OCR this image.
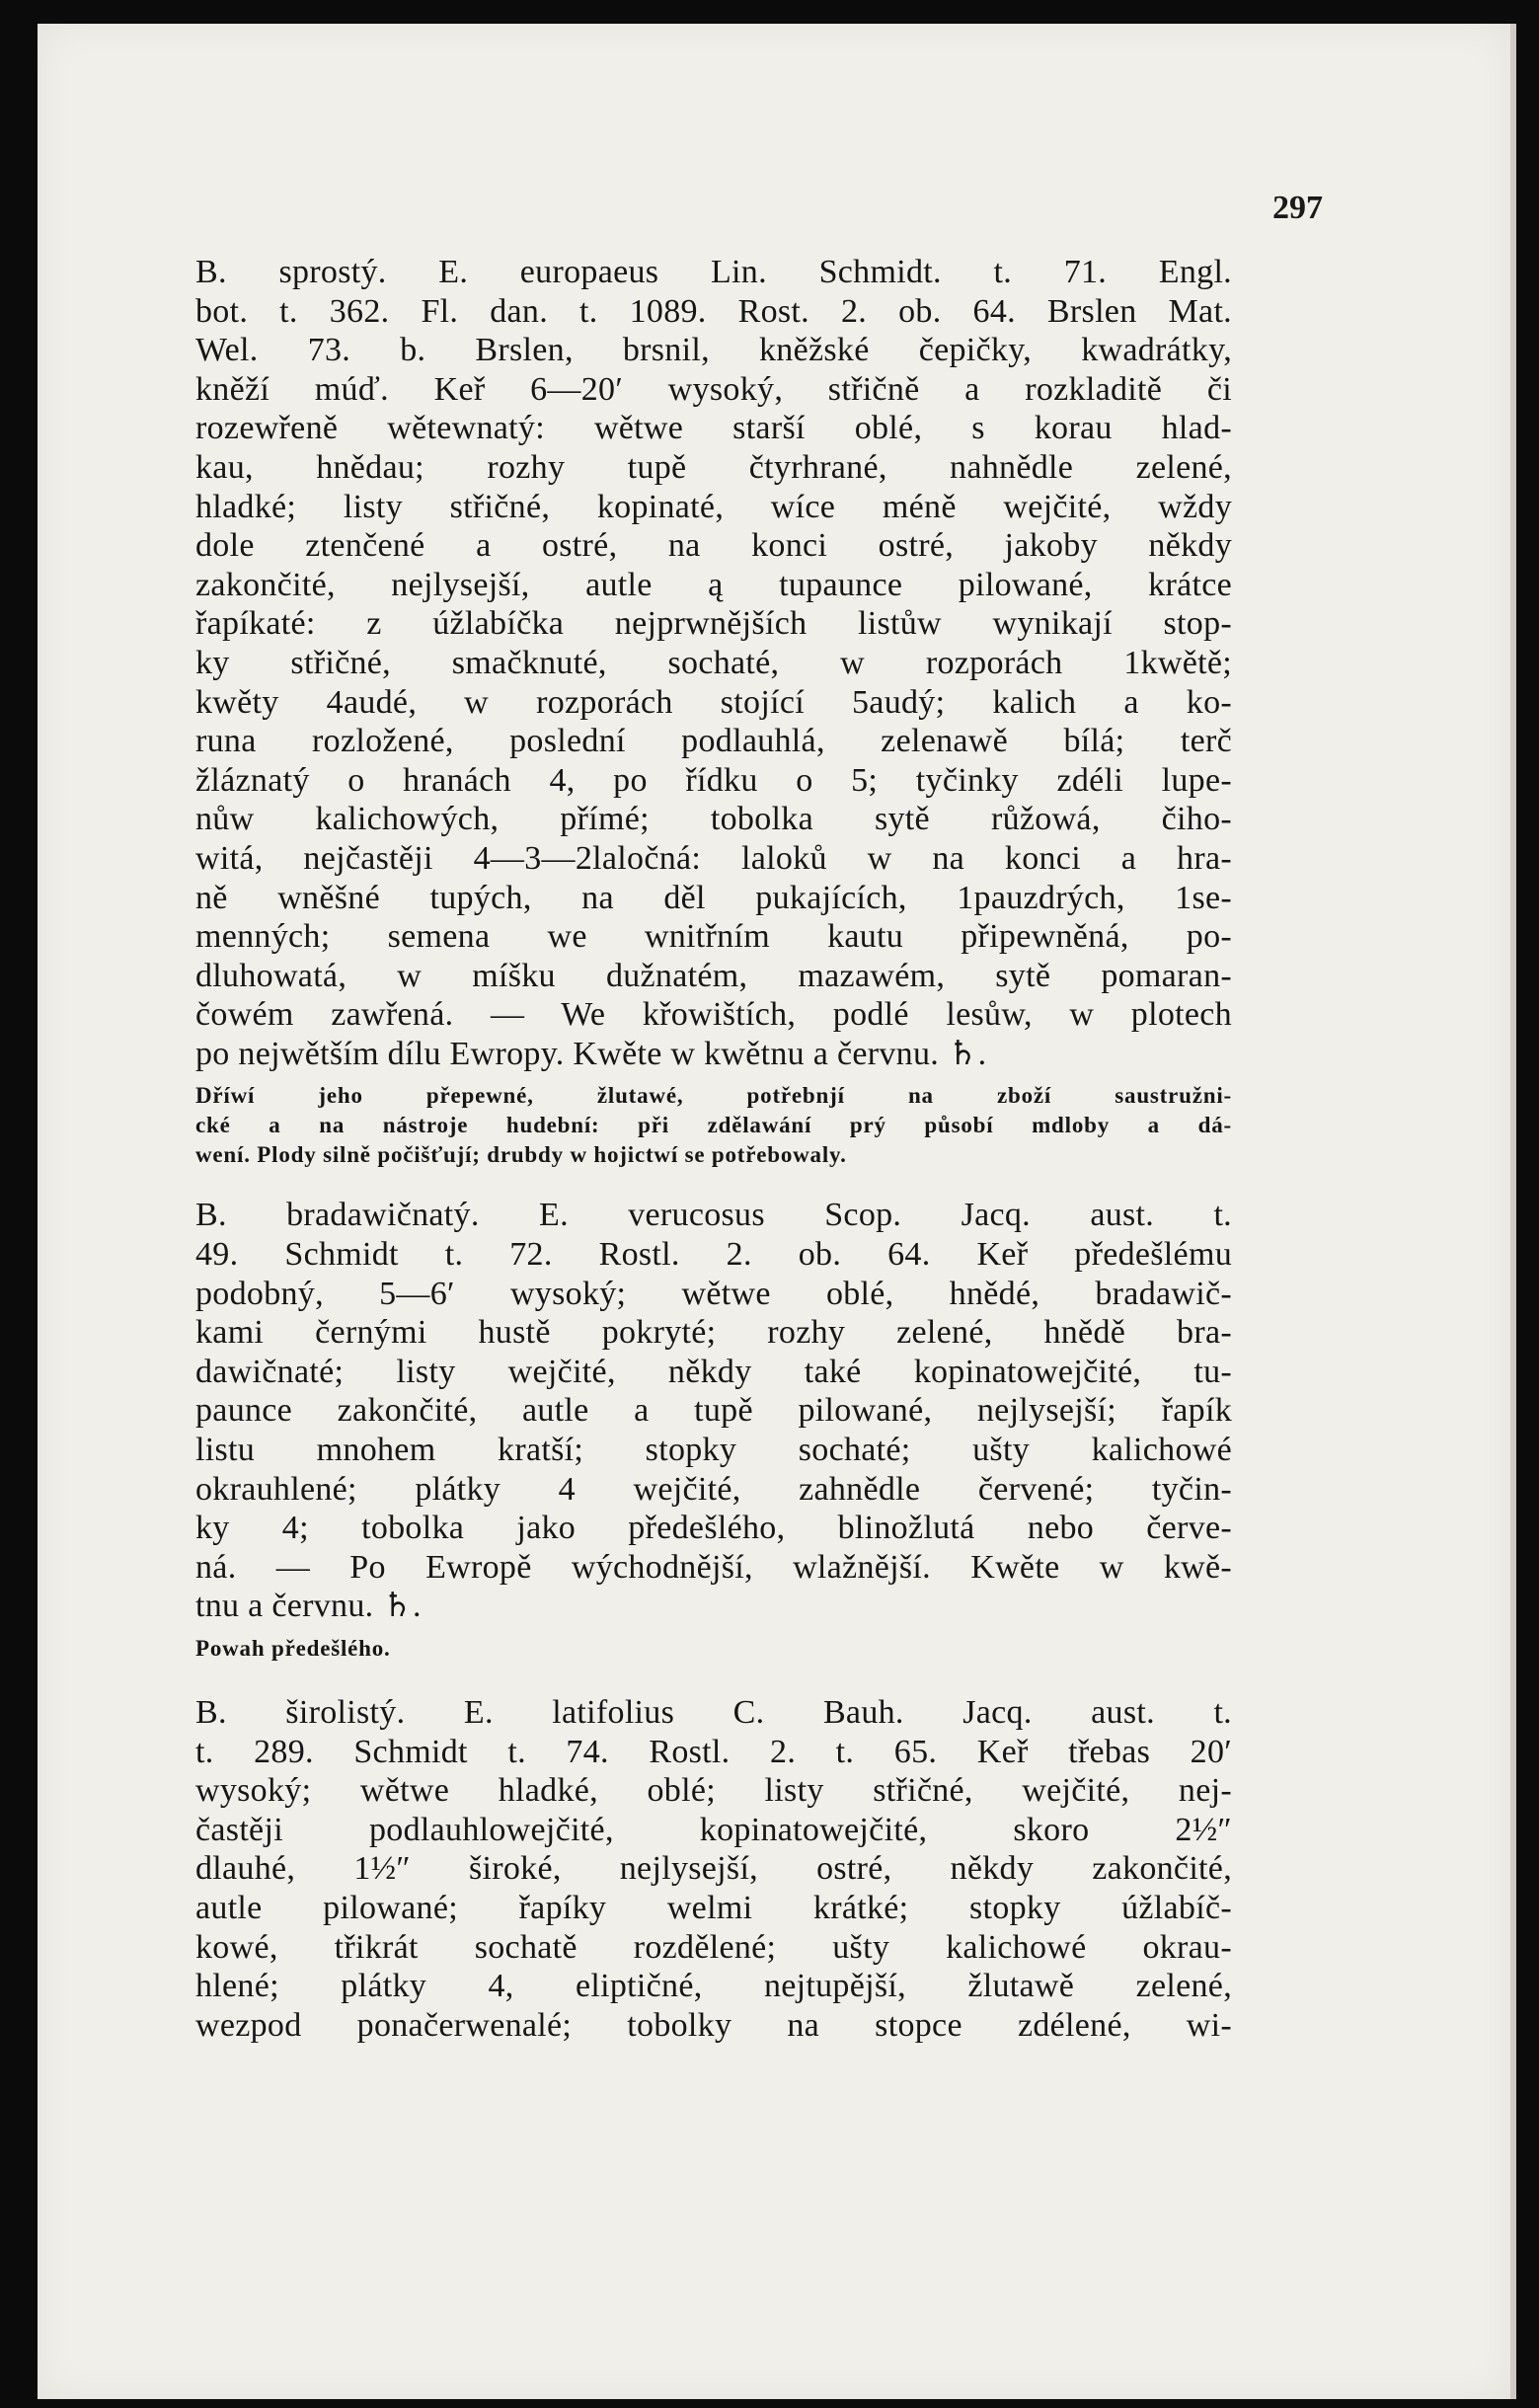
297
B. sprostý. E. europaeus Lin. Schmidt. t. 71. Engl.
bot. t. 362. Fl. dan. t. 1089. Rost. 2. ob. 64. Brslen Mat.
Wel. 73. b. Brslen, brsnil, kněžské čepičky, kwadrátky,
kněží múď. Keř 6—20′ wysoký, střičně a rozkladitě či
rozewřeně wětewnatý: wětwe starší oblé, s korau hlad-
kau, hnědau; rozhy tupě čtyrhrané, nahnědle zelené,
hladké; listy střičné, kopinaté, wíce méně wejčité, wždy
dole ztenčené a ostré, na konci ostré, jakoby někdy
zakončité, nejlysejší, autle ą tupaunce pilowané, krátce
řapíkaté: z úžlabíčka nejprwnějších listůw wynikají stop-
ky střičné, smačknuté, sochaté, w rozporách 1kwětě;
kwěty 4audé, w rozporách stojící 5audý; kalich a ko-
runa rozložené, poslední podlauhlá, zelenawě bílá; terč
žláznatý o hranách 4, po řídku o 5; tyčinky zdéli lupe-
nůw kalichowých, přímé; tobolka sytě růžowá, čiho-
witá, nejčastěji 4—3—2laločná: laloků w na konci a hra-
ně wněšné tupých, na děl pukajících, 1pauzdrých, 1se-
menných; semena we wnitřním kautu připewněná, po-
dluhowatá, w míšku dužnatém, mazawém, sytě pomaran-
čowém zawřená. — We křowištích, podlé lesůw, w plotech
po nejwětším dílu Ewropy. Kwěte w kwětnu a červnu. ♄.
Dříwí jeho přepewné, žlutawé, potřebnjí na zboží saustružni-
cké a na nástroje hudební: při zdělawání prý působí mdloby a dá-
wení. Plody silně počišťují; drubdy w hojictwí se potřebowaly.
B. bradawičnatý. E. verucosus Scop. Jacq. aust. t.
49. Schmidt t. 72. Rostl. 2. ob. 64. Keř předešlému
podobný, 5—6′ wysoký; wětwe oblé, hnědé, bradawič-
kami černými hustě pokryté; rozhy zelené, hnědě bra-
dawičnaté; listy wejčité, někdy také kopinatowejčité, tu-
paunce zakončité, autle a tupě pilowané, nejlysejší; řapík
listu mnohem kratší; stopky sochaté; ušty kalichowé
okrauhlené; plátky 4 wejčité, zahnědle červené; tyčin-
ky 4; tobolka jako předešlého, blinožlutá nebo červe-
ná. — Po Ewropě wýchodnější, wlažnější. Kwěte w kwě-
tnu a červnu. ♄.
Powah předešlého.
B. širolistý. E. latifolius C. Bauh. Jacq. aust. t.
t. 289. Schmidt t. 74. Rostl. 2. t. 65. Keř třebas 20′
wysoký; wětwe hladké, oblé; listy střičné, wejčité, nej-
častěji podlauhlowejčité, kopinatowejčité, skoro 2½″
dlauhé, 1½″ široké, nejlysejší, ostré, někdy zakončité,
autle pilowané; řapíky welmi krátké; stopky úžlabíč-
kowé, třikrát sochatě rozdělené; ušty kalichowé okrau-
hlené; plátky 4, eliptičné, nejtupější, žlutawě zelené,
wezpod ponačerwenalé; tobolky na stopce zdélené, wi-
